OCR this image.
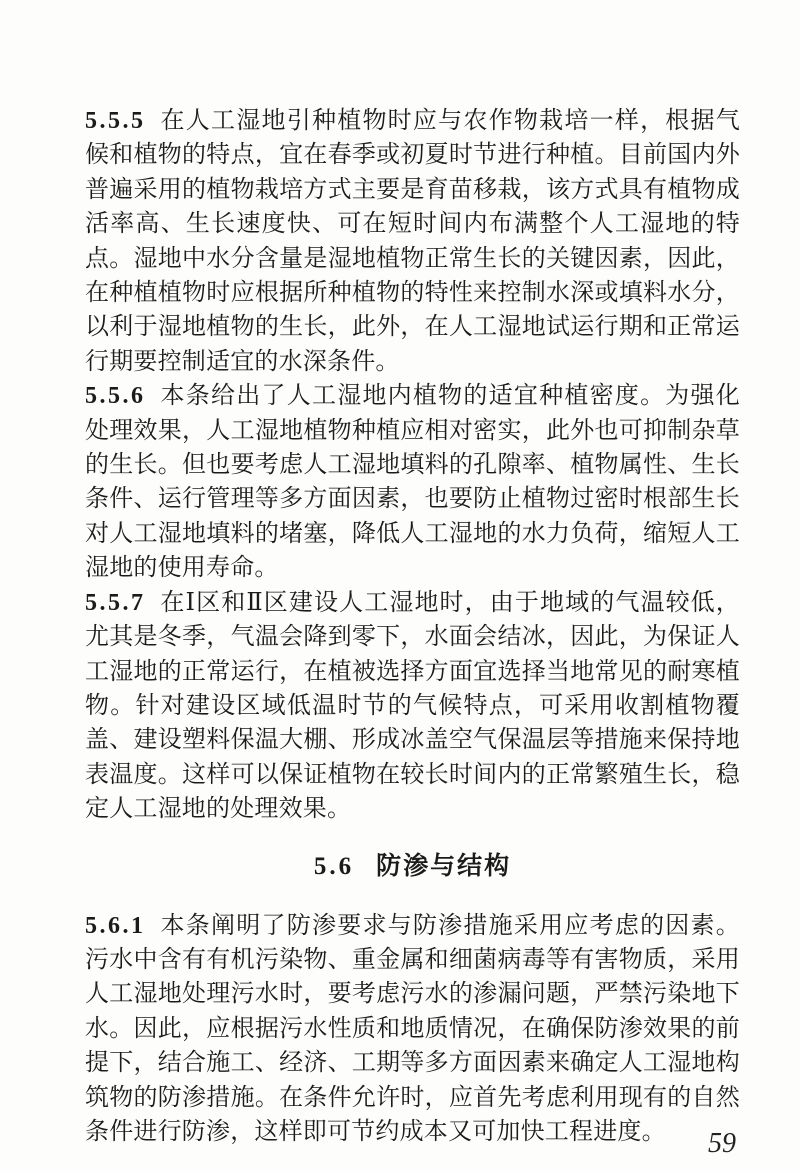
5.5.5 在人工湿地引种植物时应与农作物栽培一样，根据气候和植物的特点，宜在春季或初夏时节进行种植。目前国内外普遍采用的植物栽培方式主要是育苗移栽，该方式具有植物成活率高、生长速度快、可在短时间内布满整个人工湿地的特点。湿地中水分含量是湿地植物正常生长的关键因素，因此，在种植植物时应根据所种植物的特性来控制水深或填料水分，以利于湿地植物的生长，此外，在人工湿地试运行期和正常运行期要控制适宜的水深条件。

5.5.6 本条给出了人工湿地内植物的适宜种植密度。为强化处理效果，人工湿地植物种植应相对密实，此外也可抑制杂草的生长。但也要考虑人工湿地填料的孔隙率、植物属性、生长条件、运行管理等多方面因素，也要防止植物过密时根部生长对人工湿地填料的堵塞，降低人工湿地的水力负荷，缩短人工湿地的使用寿命。

5.5.7 在Ⅰ区和Ⅱ区建设人工湿地时，由于地域的气温较低，尤其是冬季，气温会降到零下，水面会结冰，因此，为保证人工湿地的正常运行，在植被选择方面宜选择当地常见的耐寒植物。针对建设区域低温时节的气候特点，可采用收割植物覆盖、建设塑料保温大棚、形成冰盖空气保温层等措施来保持地表温度。这样可以保证植物在较长时间内的正常繁殖生长，稳定人工湿地的处理效果。

5.6 防渗与结构

5.6.1 本条阐明了防渗要求与防渗措施采用应考虑的因素。污水中含有有机污染物、重金属和细菌病毒等有害物质，采用人工湿地处理污水时，要考虑污水的渗漏问题，严禁污染地下水。因此，应根据污水性质和地质情况，在确保防渗效果的前提下，结合施工、经济、工期等多方面因素来确定人工湿地构筑物的防渗措施。在条件允许时，应首先考虑利用现有的自然条件进行防渗，这样即可节约成本又可加快工程进度。	59
